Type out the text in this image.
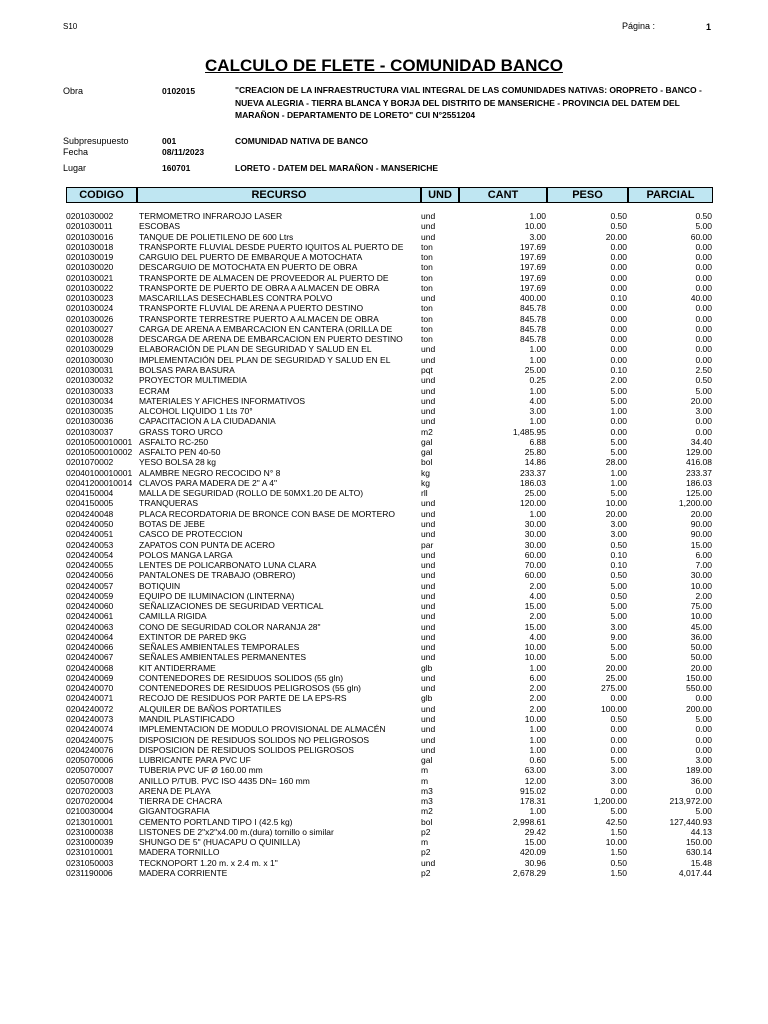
S10	Página :	1
CALCULO DE FLETE - COMUNIDAD BANCO
Obra	0102015	"CREACION DE LA INFRAESTRUCTURA VIAL INTEGRAL DE LAS COMUNIDADES NATIVAS: OROPRETO - BANCO - NUEVA ALEGRIA - TIERRA BLANCA Y BORJA DEL DISTRITO DE MANSERICHE - PROVINCIA DEL DATEM DEL MARAÑON - DEPARTAMENTO DE LORETO" CUI N°2551204
Subpresupuesto	001	COMUNIDAD NATIVA DE BANCO
Fecha	08/11/2023
Lugar	160701	LORETO - DATEM DEL MARAÑON - MANSERICHE
CODIGO	RECURSO	UND	CANT	PESO	PARCIAL
0201030002	TERMOMETRO INFRAROJO LASER	und	1.00	0.50	0.50
0201030011	ESCOBAS	und	10.00	0.50	5.00
0201030016	TANQUE DE POLIETILENO DE 600 Ltrs	und	3.00	20.00	60.00
0201030018	TRANSPORTE FLUVIAL DESDE PUERTO IQUITOS AL PUERTO DE	ton	197.69	0.00	0.00
0201030019	CARGUIO DEL PUERTO DE EMBARQUE A MOTOCHATA	ton	197.69	0.00	0.00
0201030020	DESCARGUIO DE MOTOCHATA EN PUERTO DE OBRA	ton	197.69	0.00	0.00
0201030021	TRANSPORTE DE ALMACEN DE PROVEEDOR AL PUERTO DE	ton	197.69	0.00	0.00
0201030022	TRANSPORTE DE PUERTO DE OBRA A ALMACEN DE OBRA	ton	197.69	0.00	0.00
0201030023	MASCARILLAS DESECHABLES CONTRA POLVO	und	400.00	0.10	40.00
0201030024	TRANSPORTE FLUVIAL DE ARENA A PUERTO DESTINO	ton	845.78	0.00	0.00
0201030026	TRANSPORTE TERRESTRE PUERTO A ALMACEN DE OBRA	ton	845.78	0.00	0.00
0201030027	CARGA DE ARENA A EMBARCACION EN CANTERA (ORILLA DE	ton	845.78	0.00	0.00
0201030028	DESCARGA DE ARENA DE EMBARCACION EN PUERTO DESTINO	ton	845.78	0.00	0.00
0201030029	ELABORACIÓN DE PLAN DE SEGURIDAD Y SALUD EN EL	und	1.00	0.00	0.00
0201030030	IMPLEMENTACIÓN DEL PLAN DE SEGURIDAD Y SALUD EN EL	und	1.00	0.00	0.00
0201030031	BOLSAS PARA BASURA	pqt	25.00	0.10	2.50
0201030032	PROYECTOR MULTIMEDIA	und	0.25	2.00	0.50
0201030033	ECRAM	und	1.00	5.00	5.00
0201030034	MATERIALES Y AFICHES INFORMATIVOS	und	4.00	5.00	20.00
0201030035	ALCOHOL LIQUIDO 1 Lts 70°	und	3.00	1.00	3.00
0201030036	CAPACITACION A LA CIUDADANIA	und	1.00	0.00	0.00
0201030037	GRASS TORO URCO	m2	1,485.95	0.00	0.00
02010500010001 ASFALTO RC-250	gal	6.88	5.00	34.40
02010500010002 ASFALTO PEN 40-50	gal	25.80	5.00	129.00
0201070002	YESO BOLSA 28 kg	bol	14.86	28.00	416.08
02040100010001 ALAMBRE NEGRO RECOCIDO N° 8	kg	233.37	1.00	233.37
02041200010014 CLAVOS PARA MADERA DE 2" A 4"	kg	186.03	1.00	186.03
0204150004	MALLA DE SEGURIDAD (ROLLO DE 50MX1.20 DE ALTO)	rll	25.00	5.00	125.00
0204150005	TRANQUERAS	und	120.00	10.00	1,200.00
0204240048	PLACA RECORDATORIA DE BRONCE CON BASE DE MORTERO	und	1.00	20.00	20.00
0204240050	BOTAS DE JEBE	und	30.00	3.00	90.00
0204240051	CASCO DE PROTECCION	und	30.00	3.00	90.00
0204240053	ZAPATOS CON PUNTA DE ACERO	par	30.00	0.50	15.00
0204240054	POLOS MANGA LARGA	und	60.00	0.10	6.00
0204240055	LENTES DE POLICARBONATO LUNA CLARA	und	70.00	0.10	7.00
0204240056	PANTALONES DE TRABAJO (OBRERO)	und	60.00	0.50	30.00
0204240057	BOTIQUIN	und	2.00	5.00	10.00
0204240059	EQUIPO DE ILUMINACION (LINTERNA)	und	4.00	0.50	2.00
0204240060	SEÑALIZACIONES DE SEGURIDAD VERTICAL	und	15.00	5.00	75.00
0204240061	CAMILLA RIGIDA	und	2.00	5.00	10.00
0204240063	CONO DE SEGURIDAD COLOR NARANJA 28"	und	15.00	3.00	45.00
0204240064	EXTINTOR DE PARED 9KG	und	4.00	9.00	36.00
0204240066	SEÑALES AMBIENTALES TEMPORALES	und	10.00	5.00	50.00
0204240067	SEÑALES AMBIENTALES PERMANENTES	und	10.00	5.00	50.00
0204240068	KIT ANTIDERRAME	glb	1.00	20.00	20.00
0204240069	CONTENEDORES DE RESIDUOS SOLIDOS (55 gln)	und	6.00	25.00	150.00
0204240070	CONTENEDORES DE RESIDUOS PELIGROSOS (55 gln)	und	2.00	275.00	550.00
0204240071	RECOJO DE RESIDUOS POR PARTE DE LA EPS-RS	glb	2.00	0.00	0.00
0204240072	ALQUILER DE BAÑOS PORTATILES	und	2.00	100.00	200.00
0204240073	MANDIL PLASTIFICADO	und	10.00	0.50	5.00
0204240074	IMPLEMENTACION DE MODULO PROVISIONAL DE ALMACÉN	und	1.00	0.00	0.00
0204240075	DISPOSICION DE RESIDUOS SOLIDOS NO PELIGROSOS	und	1.00	0.00	0.00
0204240076	DISPOSICION DE RESIDUOS SOLIDOS PELIGROSOS	und	1.00	0.00	0.00
0205070006	LUBRICANTE PARA PVC UF	gal	0.60	5.00	3.00
0205070007	TUBERIA PVC UF Ø 160.00 mm	m	63.00	3.00	189.00
0205070008	ANILLO P/TUB. PVC ISO 4435 DN= 160 mm	m	12.00	3.00	36.00
0207020003	ARENA DE PLAYA	m3	915.02	0.00	0.00
0207020004	TIERRA DE CHACRA	m3	178.31	1,200.00	213,972.00
0210030004	GIGANTOGRAFIA	m2	1.00	5.00	5.00
0213010001	CEMENTO PORTLAND TIPO I (42.5 kg)	bol	2,998.61	42.50	127,440.93
0231000038	LISTONES DE 2"x2"x4.00 m.(dura) tornillo o similar	p2	29.42	1.50	44.13
0231000039	SHUNGO DE 5" (HUACAPU O QUINILLA)	m	15.00	10.00	150.00
0231010001	MADERA TORNILLO	p2	420.09	1.50	630.14
0231050003	TECKNOPORT 1.20 m. x 2.4 m. x 1"	und	30.96	0.50	15.48
0231190006	MADERA CORRIENTE	p2	2,678.29	1.50	4,017.44
